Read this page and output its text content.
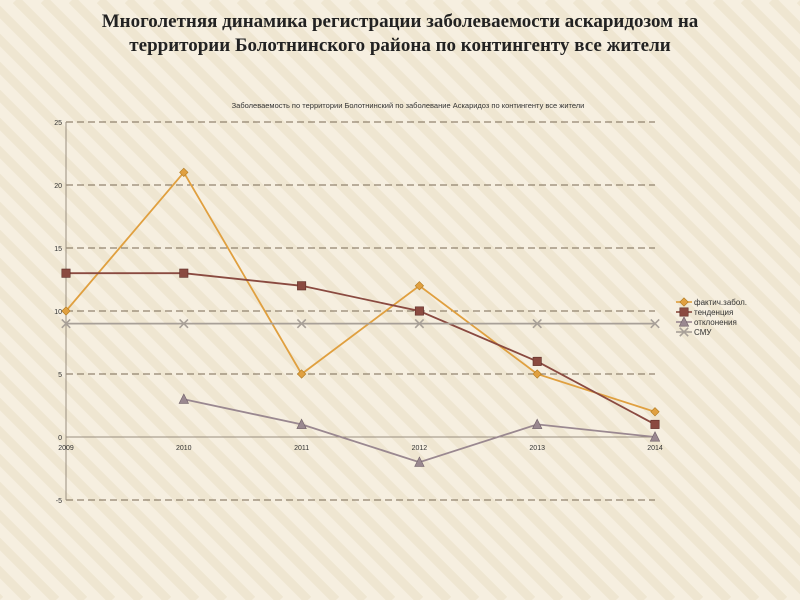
Многолетняя динамика регистрации заболеваемости аскаридозом на территории Болотнинского района по контингенту все жители
Заболеваемость по территории Болотнинский по заболевание Аскаридоз по контингенту все жители
-5
0
5
10
15
20
25
2009	2010	2011	2012	2013	2014
фактич.забол.
тенденция
отклонения
СМУ
